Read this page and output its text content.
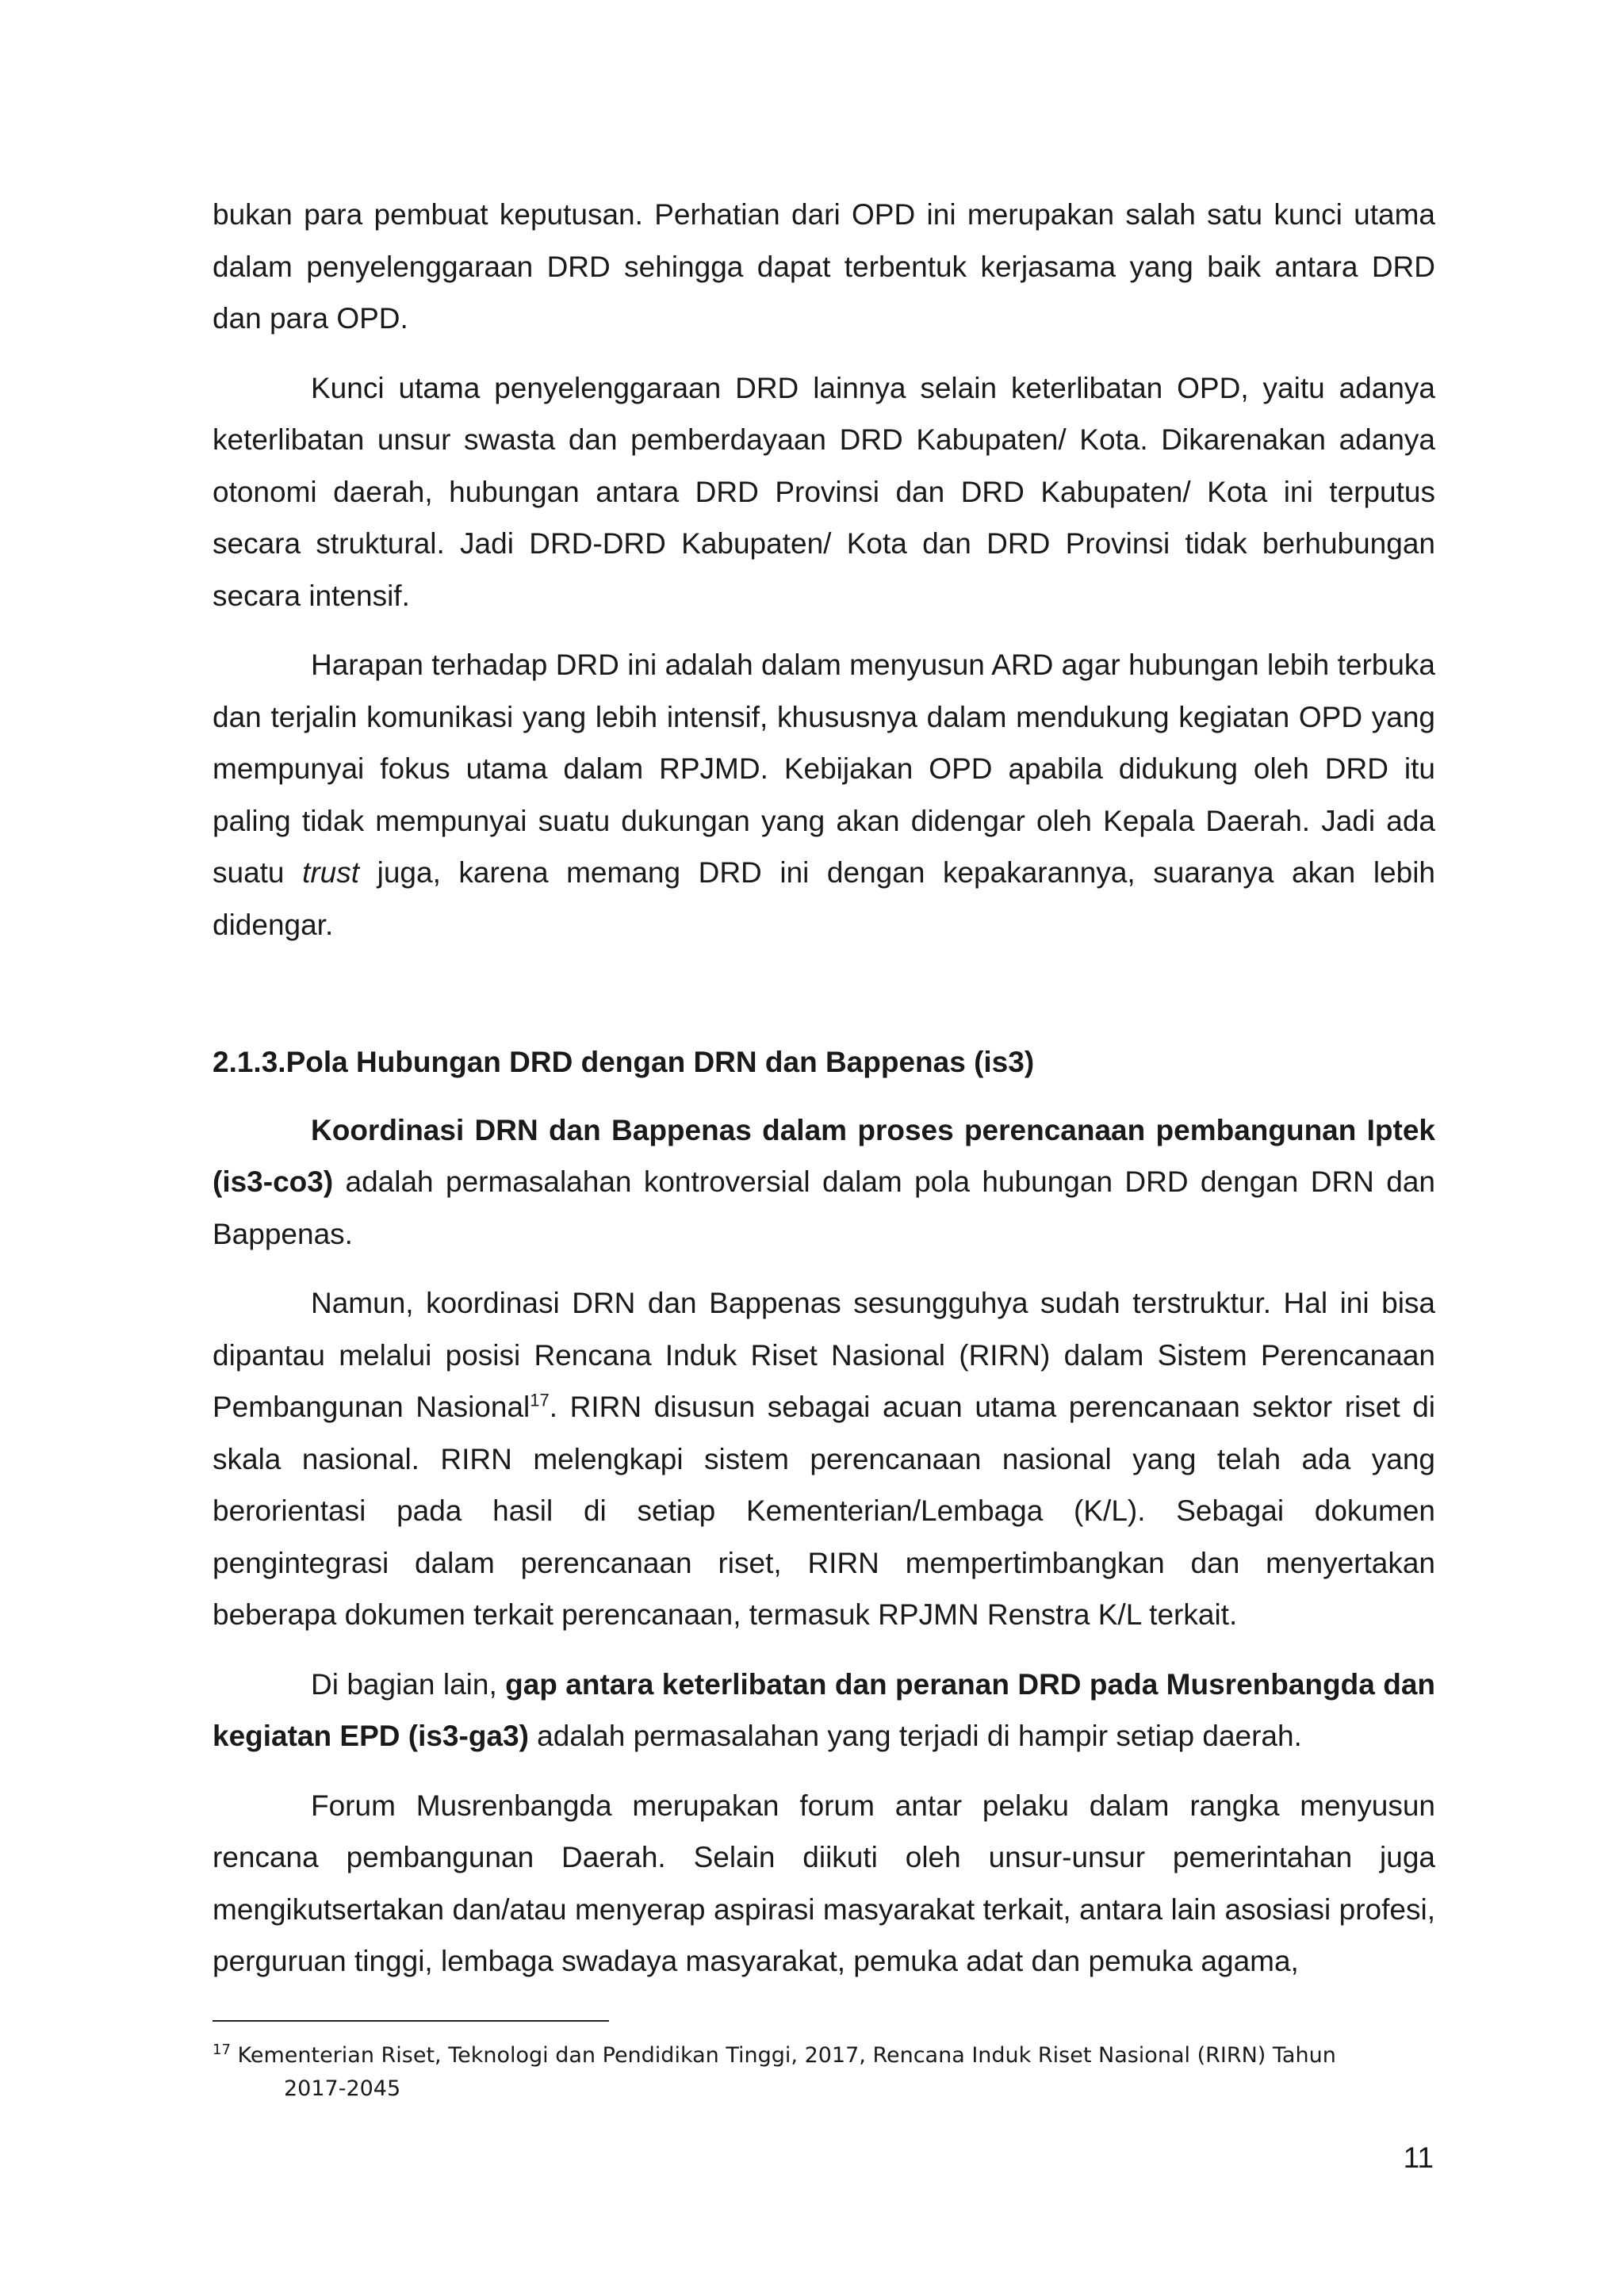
bukan para pembuat keputusan. Perhatian dari OPD ini merupakan salah satu kunci utama dalam penyelenggaraan DRD sehingga dapat terbentuk kerjasama yang baik antara DRD dan para OPD.

Kunci utama penyelenggaraan DRD lainnya selain keterlibatan OPD, yaitu adanya keterlibatan unsur swasta dan pemberdayaan DRD Kabupaten/ Kota. Dikarenakan adanya otonomi daerah, hubungan antara DRD Provinsi dan DRD Kabupaten/ Kota ini terputus secara struktural. Jadi DRD-DRD Kabupaten/ Kota dan DRD Provinsi tidak berhubungan secara intensif.

Harapan terhadap DRD ini adalah dalam menyusun ARD agar hubungan lebih terbuka dan terjalin komunikasi yang lebih intensif, khususnya dalam mendukung kegiatan OPD yang mempunyai fokus utama dalam RPJMD. Kebijakan OPD apabila didukung oleh DRD itu paling tidak mempunyai suatu dukungan yang akan didengar oleh Kepala Daerah. Jadi ada suatu trust juga, karena memang DRD ini dengan kepakarannya, suaranya akan lebih didengar.

2.1.3.Pola Hubungan DRD dengan DRN dan Bappenas (is3)

Koordinasi DRN dan Bappenas dalam proses perencanaan pembangunan Iptek (is3-co3) adalah permasalahan kontroversial dalam pola hubungan DRD dengan DRN dan Bappenas.

Namun, koordinasi DRN dan Bappenas sesungguhya sudah terstruktur. Hal ini bisa dipantau melalui posisi Rencana Induk Riset Nasional (RIRN) dalam Sistem Perencanaan Pembangunan Nasional$^{17}$. RIRN disusun sebagai acuan utama perencanaan sektor riset di skala nasional. RIRN melengkapi sistem perencanaan nasional yang telah ada yang berorientasi pada hasil di setiap Kementerian/Lembaga (K/L). Sebagai dokumen pengintegrasi dalam perencanaan riset, RIRN mempertimbangkan dan menyertakan beberapa dokumen terkait perencanaan, termasuk RPJMN Renstra K/L terkait.

Di bagian lain, gap antara keterlibatan dan peranan DRD pada Musrenbangda dan kegiatan EPD (is3-ga3) adalah permasalahan yang terjadi di hampir setiap daerah.

Forum Musrenbangda merupakan forum antar pelaku dalam rangka menyusun rencana pembangunan Daerah. Selain diikuti oleh unsur-unsur pemerintahan juga mengikutsertakan dan/atau menyerap aspirasi masyarakat terkait, antara lain asosiasi profesi, perguruan tinggi, lembaga swadaya masyarakat, pemuka adat dan pemuka agama,

$^{17}$ Kementerian Riset, Teknologi dan Pendidikan Tinggi, 2017, Rencana Induk Riset Nasional (RIRN) Tahun
2017-2045
11
